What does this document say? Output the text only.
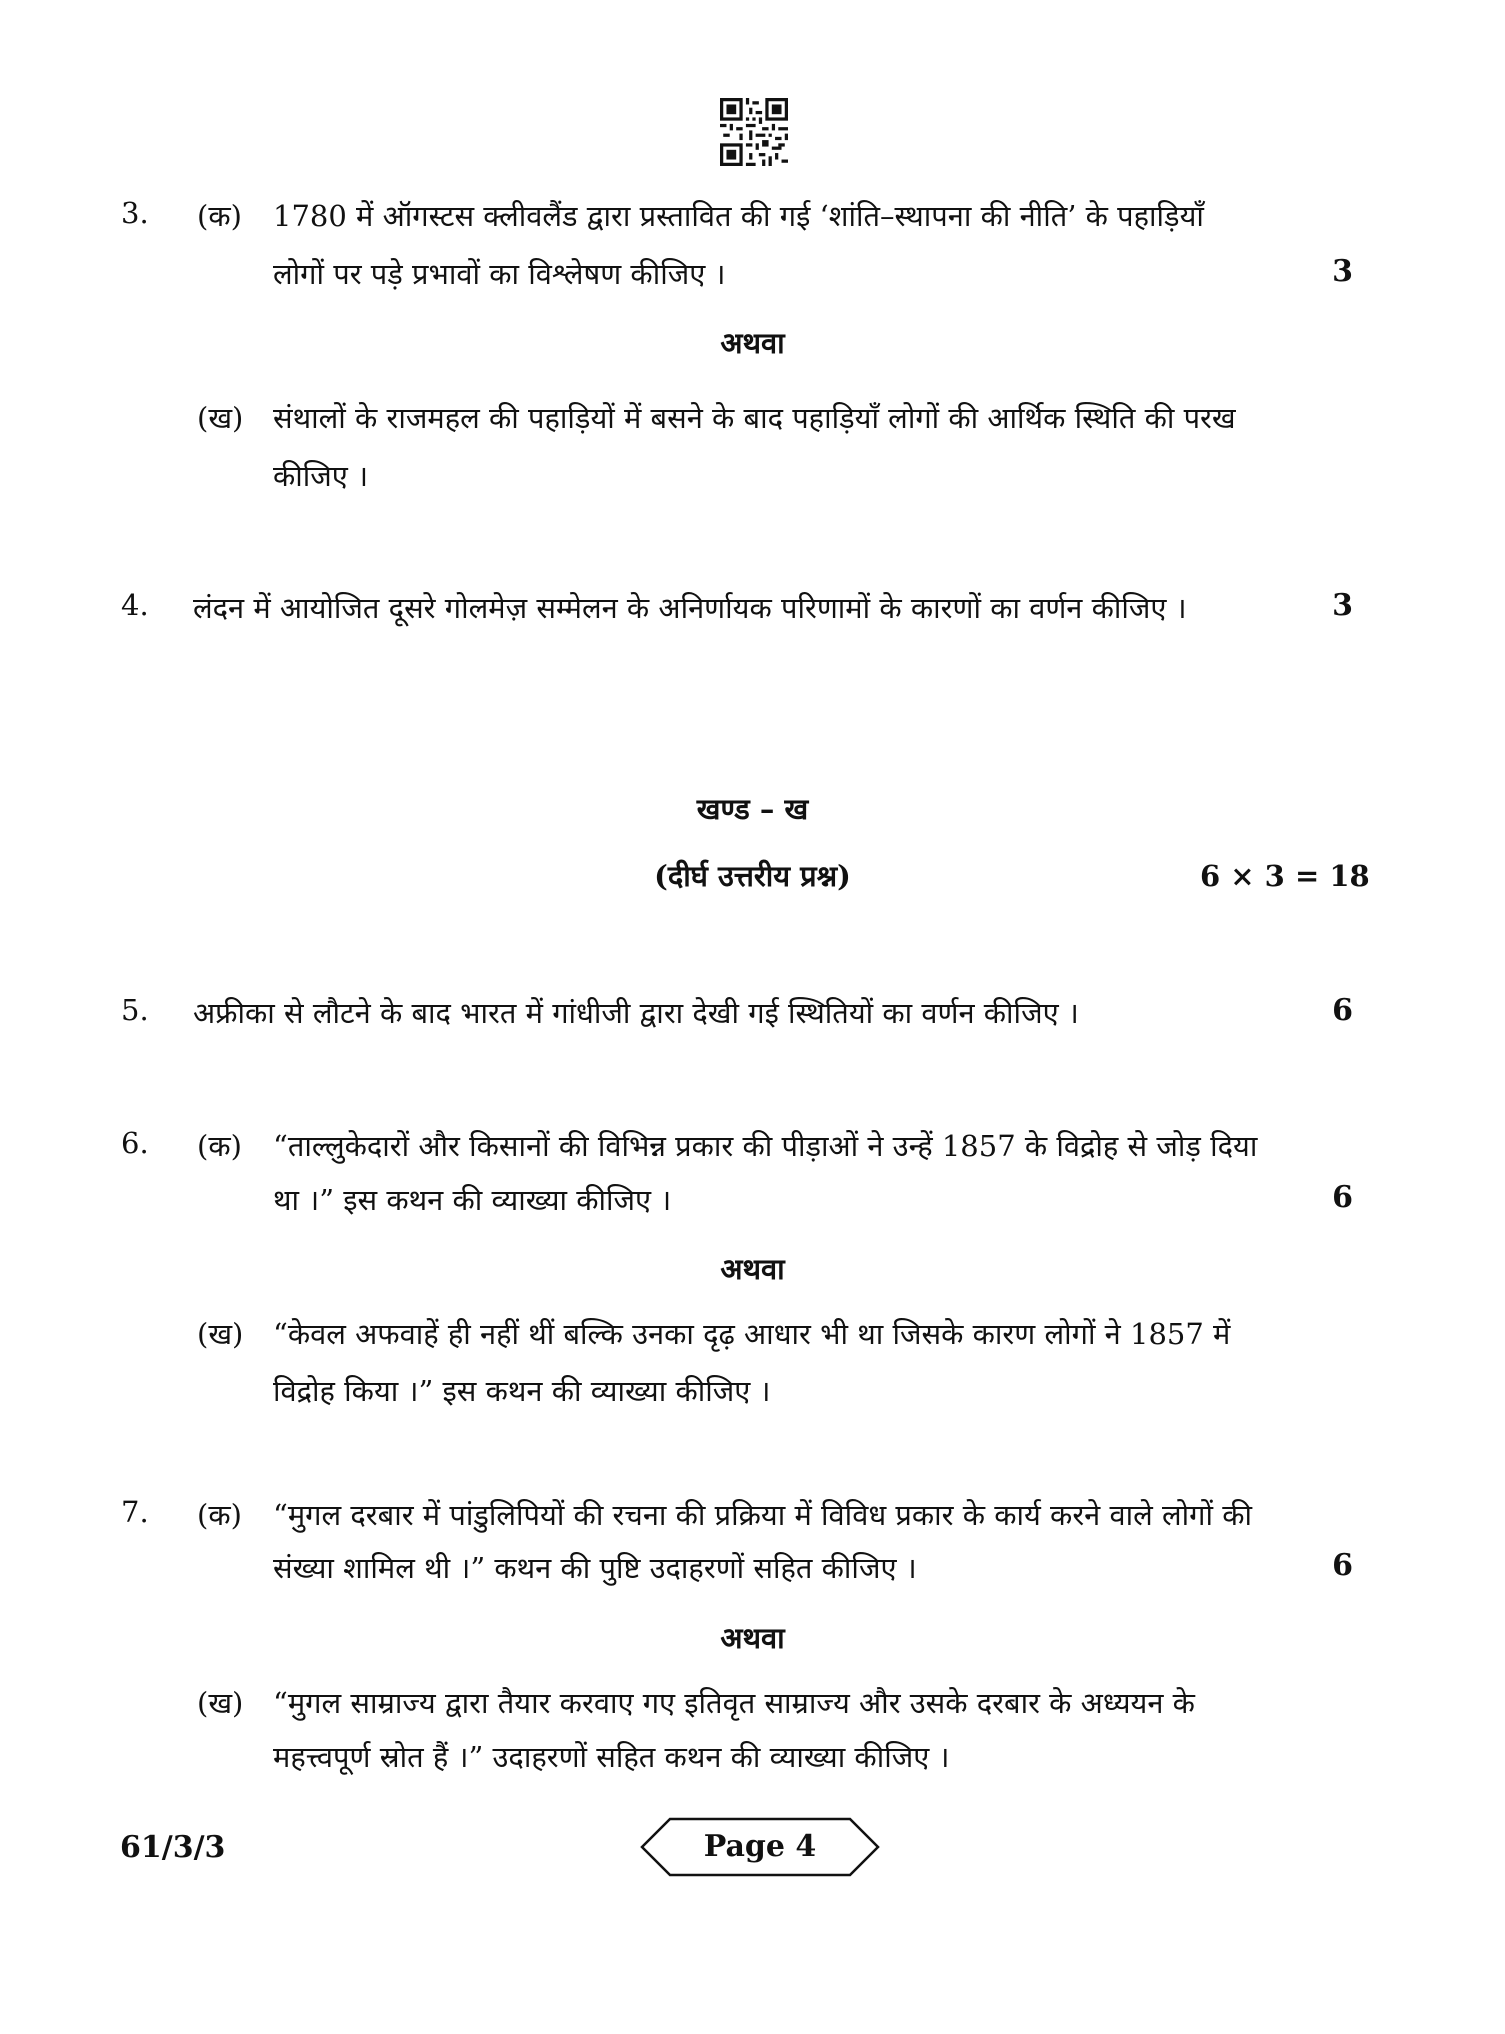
3. (क) 1780 में ऑगस्टस क्लीवलैंड द्वारा प्रस्तावित की गई ‘शांति–स्थापना की नीति’ के पहाड़ियाँ
लोगों पर पड़े प्रभावों का विश्लेषण कीजिए ।	3
अथवा
(ख) संथालों के राजमहल की पहाड़ियों में बसने के बाद पहाड़ियाँ लोगों की आर्थिक स्थिति की परख
कीजिए ।
4. लंदन में आयोजित दूसरे गोलमेज़ सम्मेलन के अनिर्णायक परिणामों के कारणों का वर्णन कीजिए ।	3
खण्ड – ख
(दीर्घ उत्तरीय प्रश्न)	6 × 3 = 18
5. अफ्रीका से लौटने के बाद भारत में गांधीजी द्वारा देखी गई स्थितियों का वर्णन कीजिए ।	6
6. (क) “ताल्लुकेदारों और किसानों की विभिन्न प्रकार की पीड़ाओं ने उन्हें 1857 के विद्रोह से जोड़ दिया
था ।” इस कथन की व्याख्या कीजिए ।	6
अथवा
(ख) “केवल अफवाहें ही नहीं थीं बल्कि उनका दृढ़ आधार भी था जिसके कारण लोगों ने 1857 में
विद्रोह किया ।” इस कथन की व्याख्या कीजिए ।
7. (क) “मुगल दरबार में पांडुलिपियों की रचना की प्रक्रिया में विविध प्रकार के कार्य करने वाले लोगों की
संख्या शामिल थी ।” कथन की पुष्टि उदाहरणों सहित कीजिए ।	6
अथवा
(ख) “मुगल साम्राज्य द्वारा तैयार करवाए गए इतिवृत साम्राज्य और उसके दरबार के अध्ययन के
महत्त्वपूर्ण स्रोत हैं ।” उदाहरणों सहित कथन की व्याख्या कीजिए ।
61/3/3	Page 4
